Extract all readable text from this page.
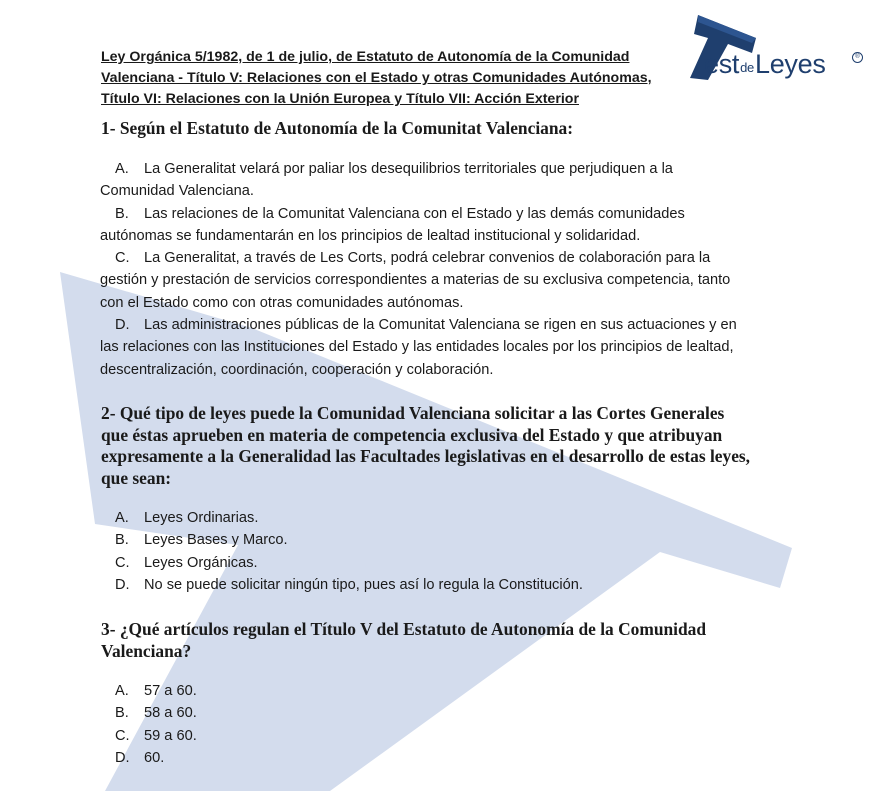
estdeLeyes	®
Ley Orgánica 5/1982, de 1 de julio, de Estatuto de Autonomía de la Comunidad Valenciana - Título V: Relaciones con el Estado y otras Comunidades Autónomas, Título VI: Relaciones con la Unión Europea y Título VII: Acción Exterior
1- Según el Estatuto de Autonomía de la Comunitat Valenciana:

A. La Generalitat velará por paliar los desequilibrios territoriales que perjudiquen a la Comunidad Valenciana.

B. Las relaciones de la Comunitat Valenciana con el Estado y las demás comunidades autónomas se fundamentarán en los principios de lealtad institucional y solidaridad.

C. La Generalitat, a través de Les Corts, podrá celebrar convenios de colaboración para la gestión y prestación de servicios correspondientes a materias de su exclusiva competencia, tanto con el Estado como con otras comunidades autónomas.

D. Las administraciones públicas de la Comunitat Valenciana se rigen en sus actuaciones y en las relaciones con las Instituciones del Estado y las entidades locales por los principios de lealtad, descentralización, coordinación, cooperación y colaboración.

2- Qué tipo de leyes puede la Comunidad Valenciana solicitar a las Cortes Generales que éstas aprueben en materia de competencia exclusiva del Estado y que atribuyan expresamente a la Generalidad las Facultades legislativas en el desarrollo de estas leyes, que sean:

A. Leyes Ordinarias.

B. Leyes Bases y Marco.

C. Leyes Orgánicas.

D. No se puede solicitar ningún tipo, pues así lo regula la Constitución.

3- ¿Qué artículos regulan el Título V del Estatuto de Autonomía de la Comunidad Valenciana?

A. 57 a 60.

B. 58 a 60.

C. 59 a 60.

D. 60.
